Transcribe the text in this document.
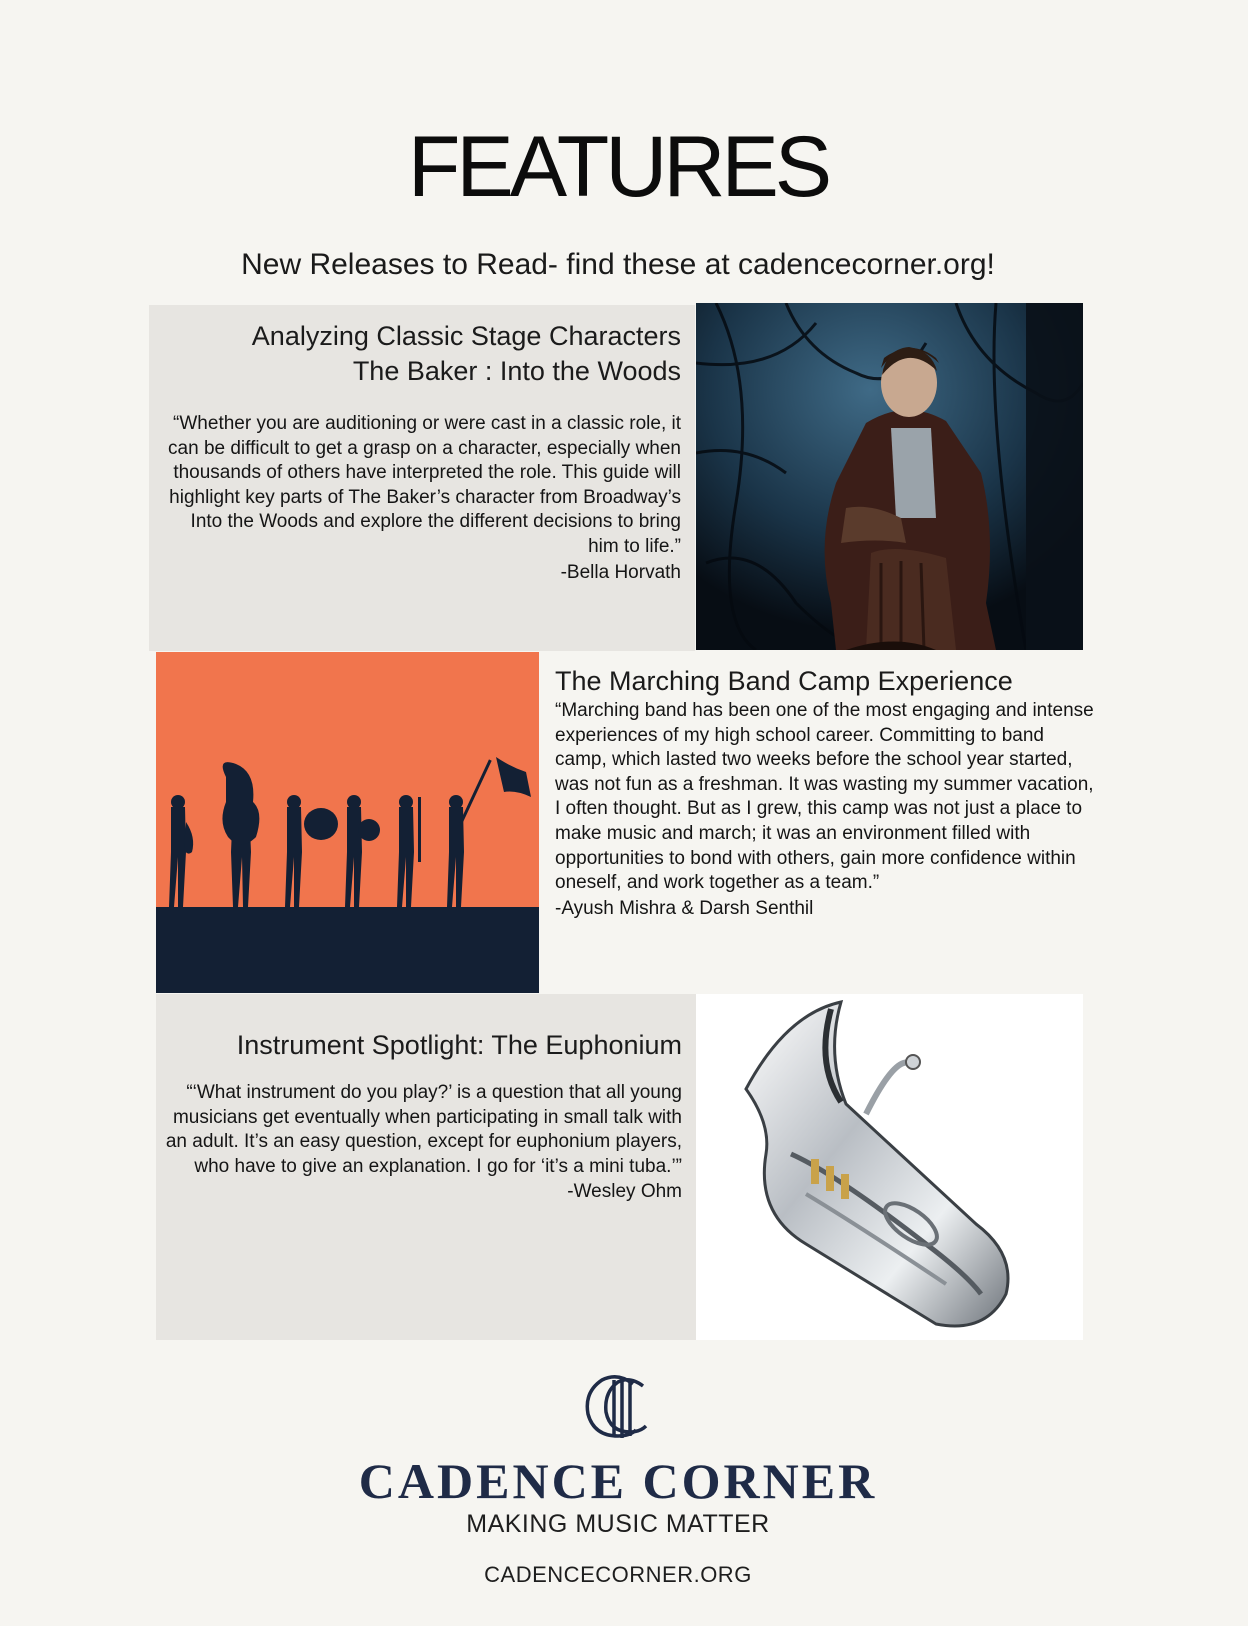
FEATURES
New Releases to Read- find these at cadencecorner.org!

Analyzing Classic Stage Characters

The Baker : Into the Woods

“Whether you are auditioning or were cast in a classic role, it can be difficult to get a grasp on a character, especially when thousands of others have interpreted the role. This guide will highlight key parts of The Baker’s character from Broadway’s Into the Woods and explore the different decisions to bring him to life.”

-Bella Horvath

The Marching Band Camp Experience

“Marching band has been one of the most engaging and intense experiences of my high school career. Committing to band camp, which lasted two weeks before the school year started, was not fun as a freshman. It was wasting my summer vacation, I often thought. But as I grew, this camp was not just a place to make music and march; it was an environment filled with opportunities to bond with others, gain more confidence within oneself, and work together as a team.”

-Ayush Mishra & Darsh Senthil

Instrument Spotlight: The Euphonium

“‘What instrument do you play?’ is a question that all young musicians get eventually when participating in small talk with an adult. It’s an easy question, except for euphonium players, who have to give an explanation. I go for ‘it’s a mini tuba.’”

-Wesley Ohm
CADENCE CORNER
MAKING MUSIC MATTER
CADENCECORNER.ORG
